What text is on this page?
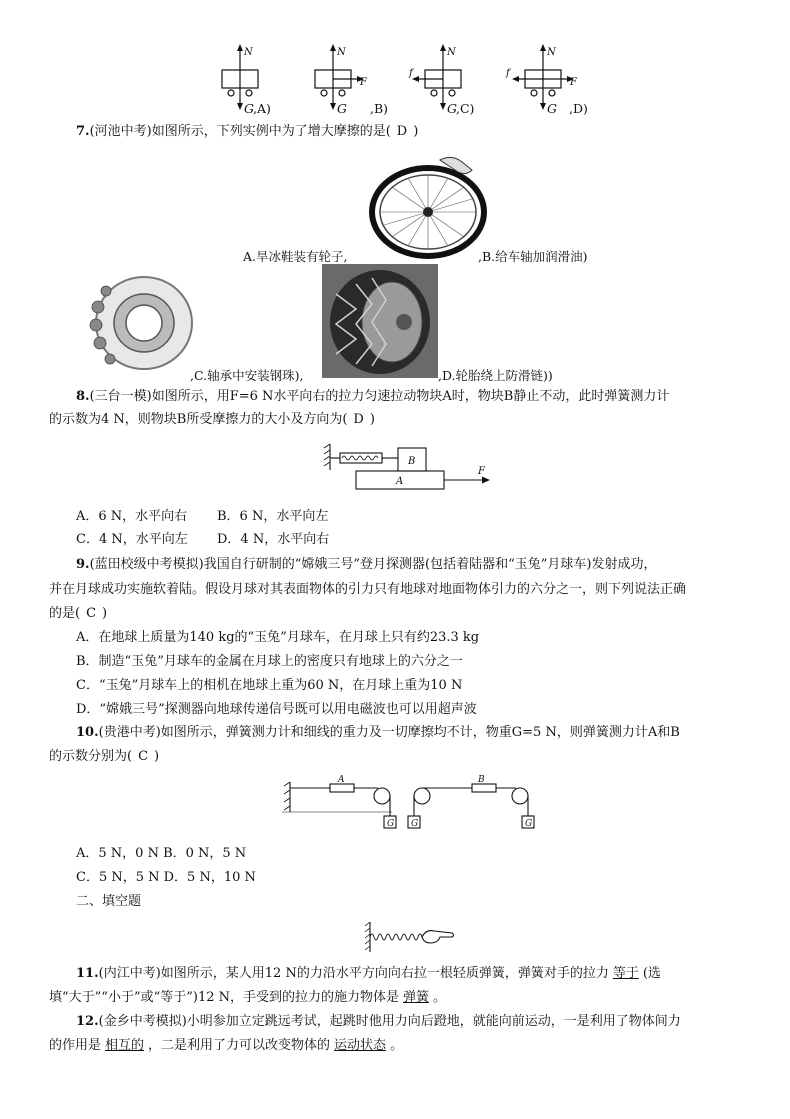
N	N	N	N
F
f	f
F
G ,A)	G ,B)	G ,C)	G ,D)
7.(河池中考)如图所示，下列实例中为了增大摩擦的是( D )
A.旱冰鞋装有轮子,	,B.给车轴加润滑油)
,C.轴承中安装钢珠),	,D.轮胎绕上防滑链))
8.(三台一模)如图所示，用F=6 N水平向右的拉力匀速拉动物块A时，物块B静止不动，此时弹簧测力计
的示数为4 N，则物块B所受摩擦力的大小及方向为( D )
B
A
F
A．6 N，水平向右 B．6 N，水平向左
C．4 N，水平向左 D．4 N，水平向右
9.(蓝田校级中考模拟)我国自行研制的“嫦娥三号”登月探测器(包括着陆器和“玉兔”月球车)发射成功，
并在月球成功实施软着陆。假设月球对其表面物体的引力只有地球对地面物体引力的六分之一，则下列说法正确
的是( C )
A．在地球上质量为140 kg的“玉兔”月球车，在月球上只有约23.3 kg
B．制造“玉兔”月球车的金属在月球上的密度只有地球上的六分之一
C．“玉兔”月球车上的相机在地球上重为60 N，在月球上重为10 N
D．“嫦娥三号”探测器向地球传递信号既可以用电磁波也可以用超声波
10.(贵港中考)如图所示，弹簧测力计和细线的重力及一切摩擦均不计，物重G=5 N，则弹簧测力计A和B
的示数分别为( C )
A	B
G G	G
A．5 N，0 N B．0 N，5 N
C．5 N，5 N D．5 N，10 N
二、填空题
11.(内江中考)如图所示，某人用12 N的力沿水平方向向右拉一根轻质弹簧，弹簧对手的拉力 等于 (选
填“大于”“小于”或“等于”)12 N，手受到的拉力的施力物体是 弹簧 。
12.(金乡中考模拟)小明参加立定跳远考试，起跳时他用力向后蹬地，就能向前运动，一是利用了物体间力
的作用是 相互的 ，二是利用了力可以改变物体的 运动状态 。
